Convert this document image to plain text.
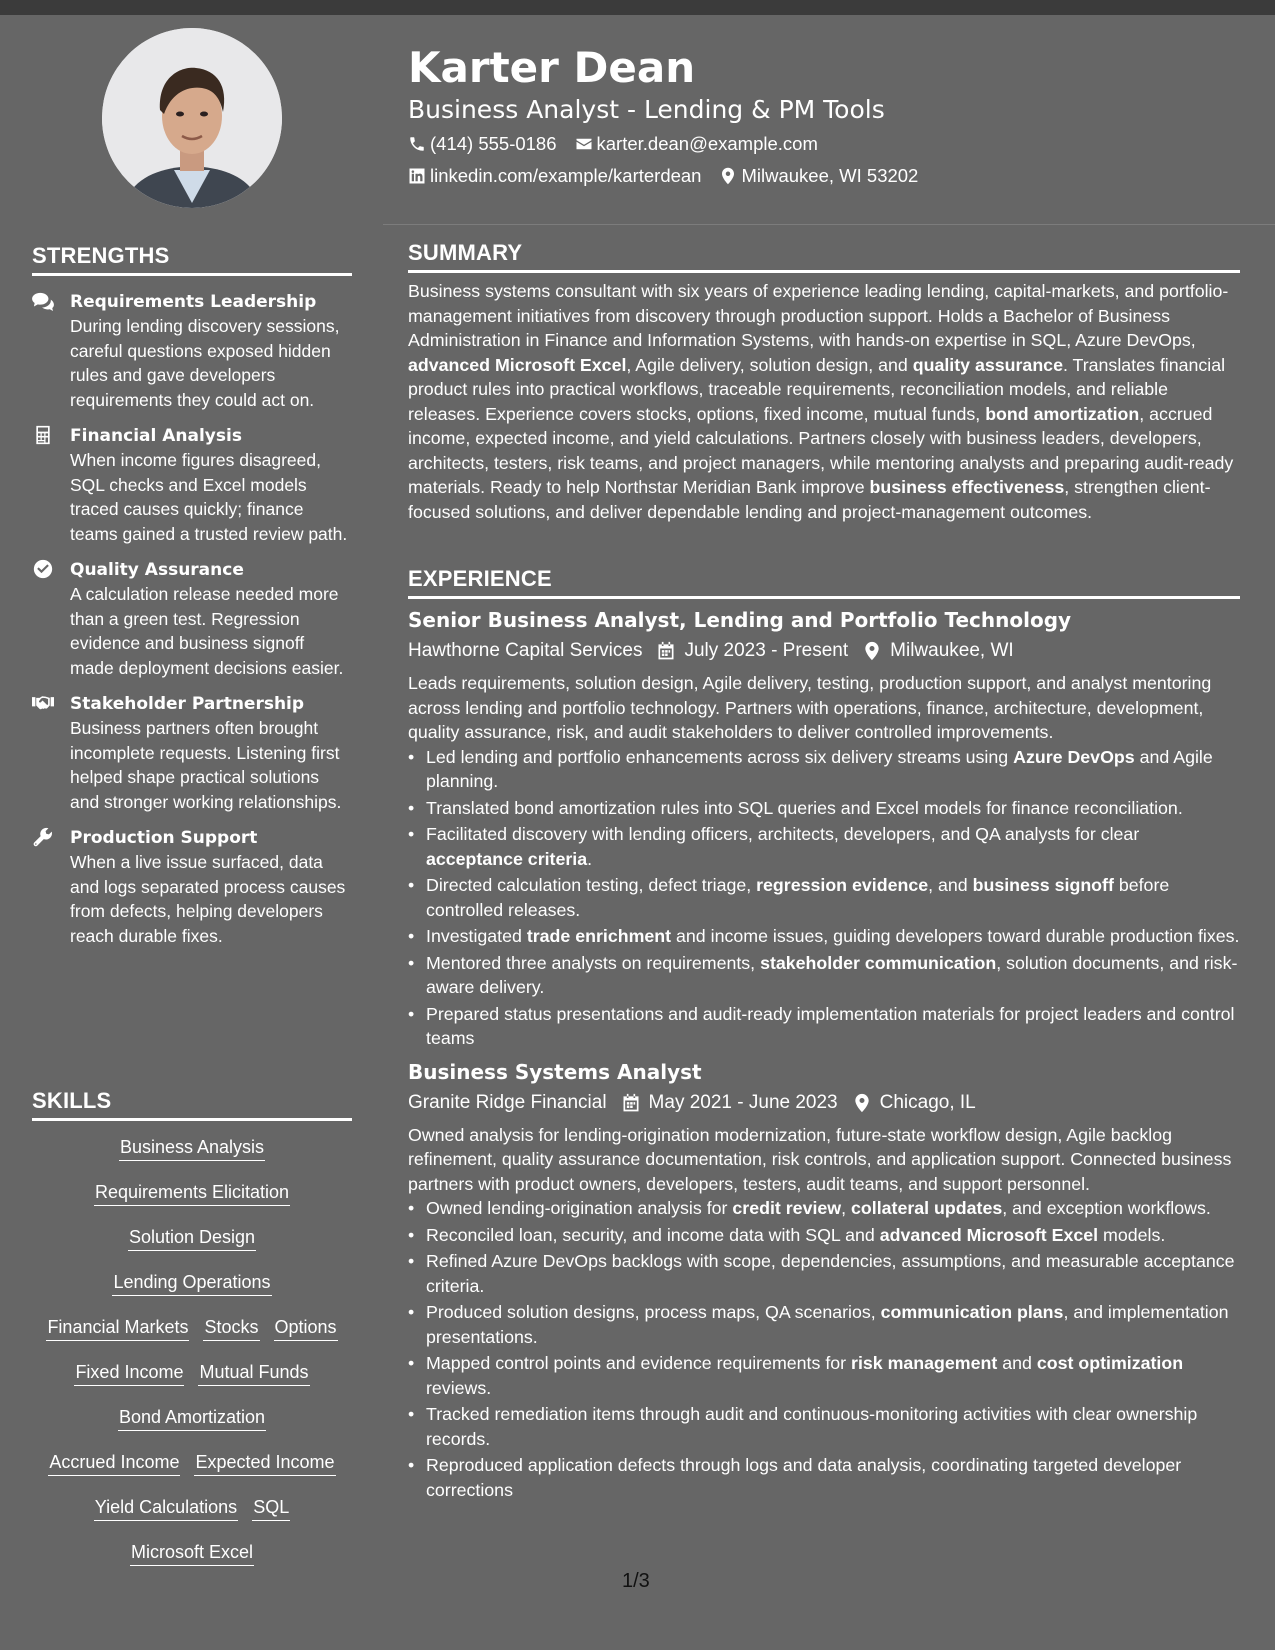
STRENGTHS
Requirements Leadership
During lending discovery sessions, careful questions exposed hidden rules and gave developers requirements they could act on.
Financial Analysis
When income figures disagreed, SQL checks and Excel models traced causes quickly; finance teams gained a trusted review path.
Quality Assurance
A calculation release needed more than a green test. Regression evidence and business signoff made deployment decisions easier.
Stakeholder Partnership
Business partners often brought incomplete requests. Listening first helped shape practical solutions and stronger working relationships.
Production Support
When a live issue surfaced, data and logs separated process causes from defects, helping developers reach durable fixes.
SKILLS
Business Analysis
Requirements Elicitation
Solution Design
Lending Operations
Financial Markets Stocks Options
Fixed Income Mutual Funds
Bond Amortization
Accrued Income Expected Income
Yield Calculations SQL
Microsoft Excel
Karter Dean
Business Analyst - Lending & PM Tools
(414) 555-0186 karter.dean@example.com
linkedin.com/example/karterdean Milwaukee, WI 53202
SUMMARY
Business systems consultant with six years of experience leading lending, capital-markets, and portfolio-management initiatives from discovery through production support. Holds a Bachelor of Business Administration in Finance and Information Systems, with hands-on expertise in SQL, Azure DevOps, advanced Microsoft Excel, Agile delivery, solution design, and quality assurance. Translates financial product rules into practical workflows, traceable requirements, reconciliation models, and reliable releases. Experience covers stocks, options, fixed income, mutual funds, bond amortization, accrued income, expected income, and yield calculations. Partners closely with business leaders, developers, architects, testers, risk teams, and project managers, while mentoring analysts and preparing audit-ready materials. Ready to help Northstar Meridian Bank improve business effectiveness, strengthen client-focused solutions, and deliver dependable lending and project-management outcomes.
EXPERIENCE
Senior Business Analyst, Lending and Portfolio Technology
Hawthorne Capital Services July 2023 - Present Milwaukee, WI
Leads requirements, solution design, Agile delivery, testing, production support, and analyst mentoring across lending and portfolio technology. Partners with operations, finance, architecture, development, quality assurance, risk, and audit stakeholders to deliver controlled improvements.
• Led lending and portfolio enhancements across six delivery streams using Azure DevOps and Agile planning.
• Translated bond amortization rules into SQL queries and Excel models for finance reconciliation.
• Facilitated discovery with lending officers, architects, developers, and QA analysts for clear acceptance criteria.
• Directed calculation testing, defect triage, regression evidence, and business signoff before controlled releases.
• Investigated trade enrichment and income issues, guiding developers toward durable production fixes.
• Mentored three analysts on requirements, stakeholder communication, solution documents, and risk-aware delivery.
• Prepared status presentations and audit-ready implementation materials for project leaders and control teams
Business Systems Analyst
Granite Ridge Financial May 2021 - June 2023 Chicago, IL
Owned analysis for lending-origination modernization, future-state workflow design, Agile backlog refinement, quality assurance documentation, risk controls, and application support. Connected business partners with product owners, developers, testers, audit teams, and support personnel.
• Owned lending-origination analysis for credit review, collateral updates, and exception workflows.
• Reconciled loan, security, and income data with SQL and advanced Microsoft Excel models.
• Refined Azure DevOps backlogs with scope, dependencies, assumptions, and measurable acceptance criteria.
• Produced solution designs, process maps, QA scenarios, communication plans, and implementation presentations.
• Mapped control points and evidence requirements for risk management and cost optimization reviews.
• Tracked remediation items through audit and continuous-monitoring activities with clear ownership records.
• Reproduced application defects through logs and data analysis, coordinating targeted developer corrections
1/3
